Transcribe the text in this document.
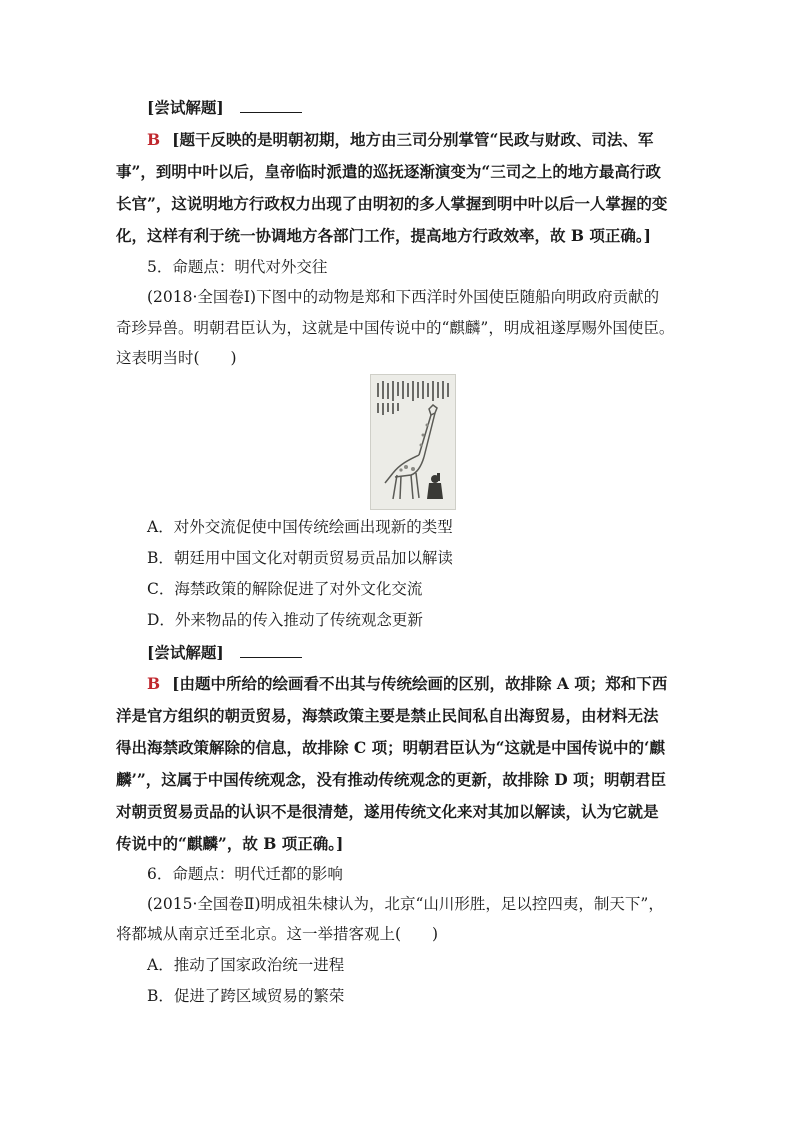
[尝试解题]
B [题干反映的是明朝初期，地方由三司分别掌管“民政与财政、司法、军
事”，到明中叶以后，皇帝临时派遣的巡抚逐渐演变为“三司之上的地方最高行政
长官”，这说明地方行政权力出现了由明初的多人掌握到明中叶以后一人掌握的变
化，这样有利于统一协调地方各部门工作，提高地方行政效率，故 B 项正确。]
5．命题点：明代对外交往
(2018·全国卷Ⅰ)下图中的动物是郑和下西洋时外国使臣随船向明政府贡献的
奇珍异兽。明朝君臣认为，这就是中国传说中的“麒麟”，明成祖遂厚赐外国使臣。
这表明当时(　　)
A．对外交流促使中国传统绘画出现新的类型
B．朝廷用中国文化对朝贡贸易贡品加以解读
C．海禁政策的解除促进了对外文化交流
D．外来物品的传入推动了传统观念更新
[尝试解题]
B [由题中所给的绘画看不出其与传统绘画的区别，故排除 A 项；郑和下西
洋是官方组织的朝贡贸易，海禁政策主要是禁止民间私自出海贸易，由材料无法
得出海禁政策解除的信息，故排除 C 项；明朝君臣认为“这就是中国传说中的‘麒
麟’”，这属于中国传统观念，没有推动传统观念的更新，故排除 D 项；明朝君臣
对朝贡贸易贡品的认识不是很清楚，遂用传统文化来对其加以解读，认为它就是
传说中的“麒麟”，故 B 项正确。]
6．命题点：明代迁都的影响
(2015·全国卷Ⅱ)明成祖朱棣认为，北京“山川形胜，足以控四夷，制天下”，
将都城从南京迁至北京。这一举措客观上(　　)
A．推动了国家政治统一进程
B．促进了跨区域贸易的繁荣
